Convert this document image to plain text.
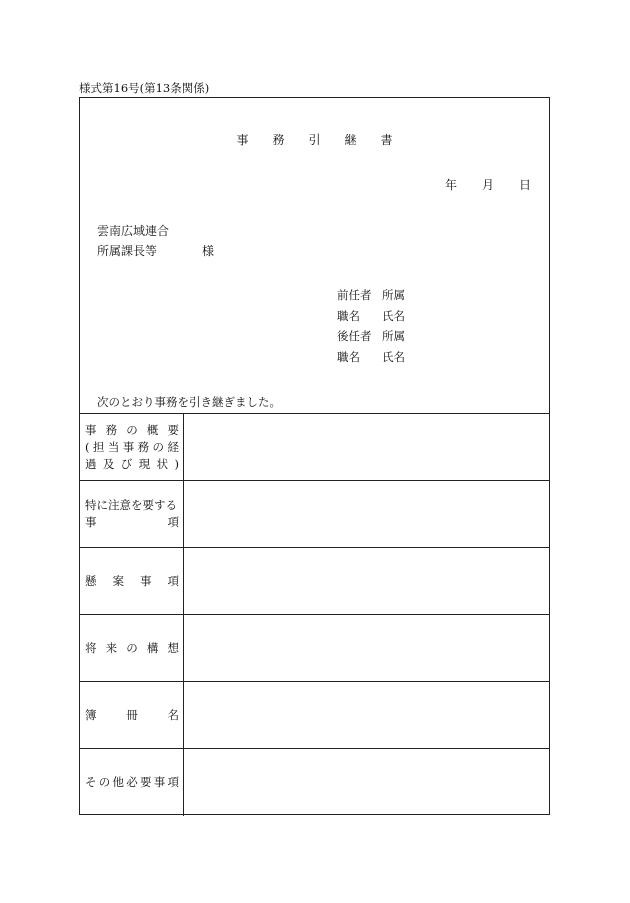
様式第16号(第13条関係)
事	務	引	継	書
年	月	日
雲南広域連合
所属課長等	様
前任者 所属
職名	氏名
後任者 所属
職名	氏名
次のとおり事務を引き継ぎました。
事 務 の 概 要
( 担 当 事 務 の 経
過 及 び 現 状 )
特に注意を要する
事	項
懸 案 事 項
将 来 の 構 想
簿	冊	名
そ の 他 必 要 事 項
